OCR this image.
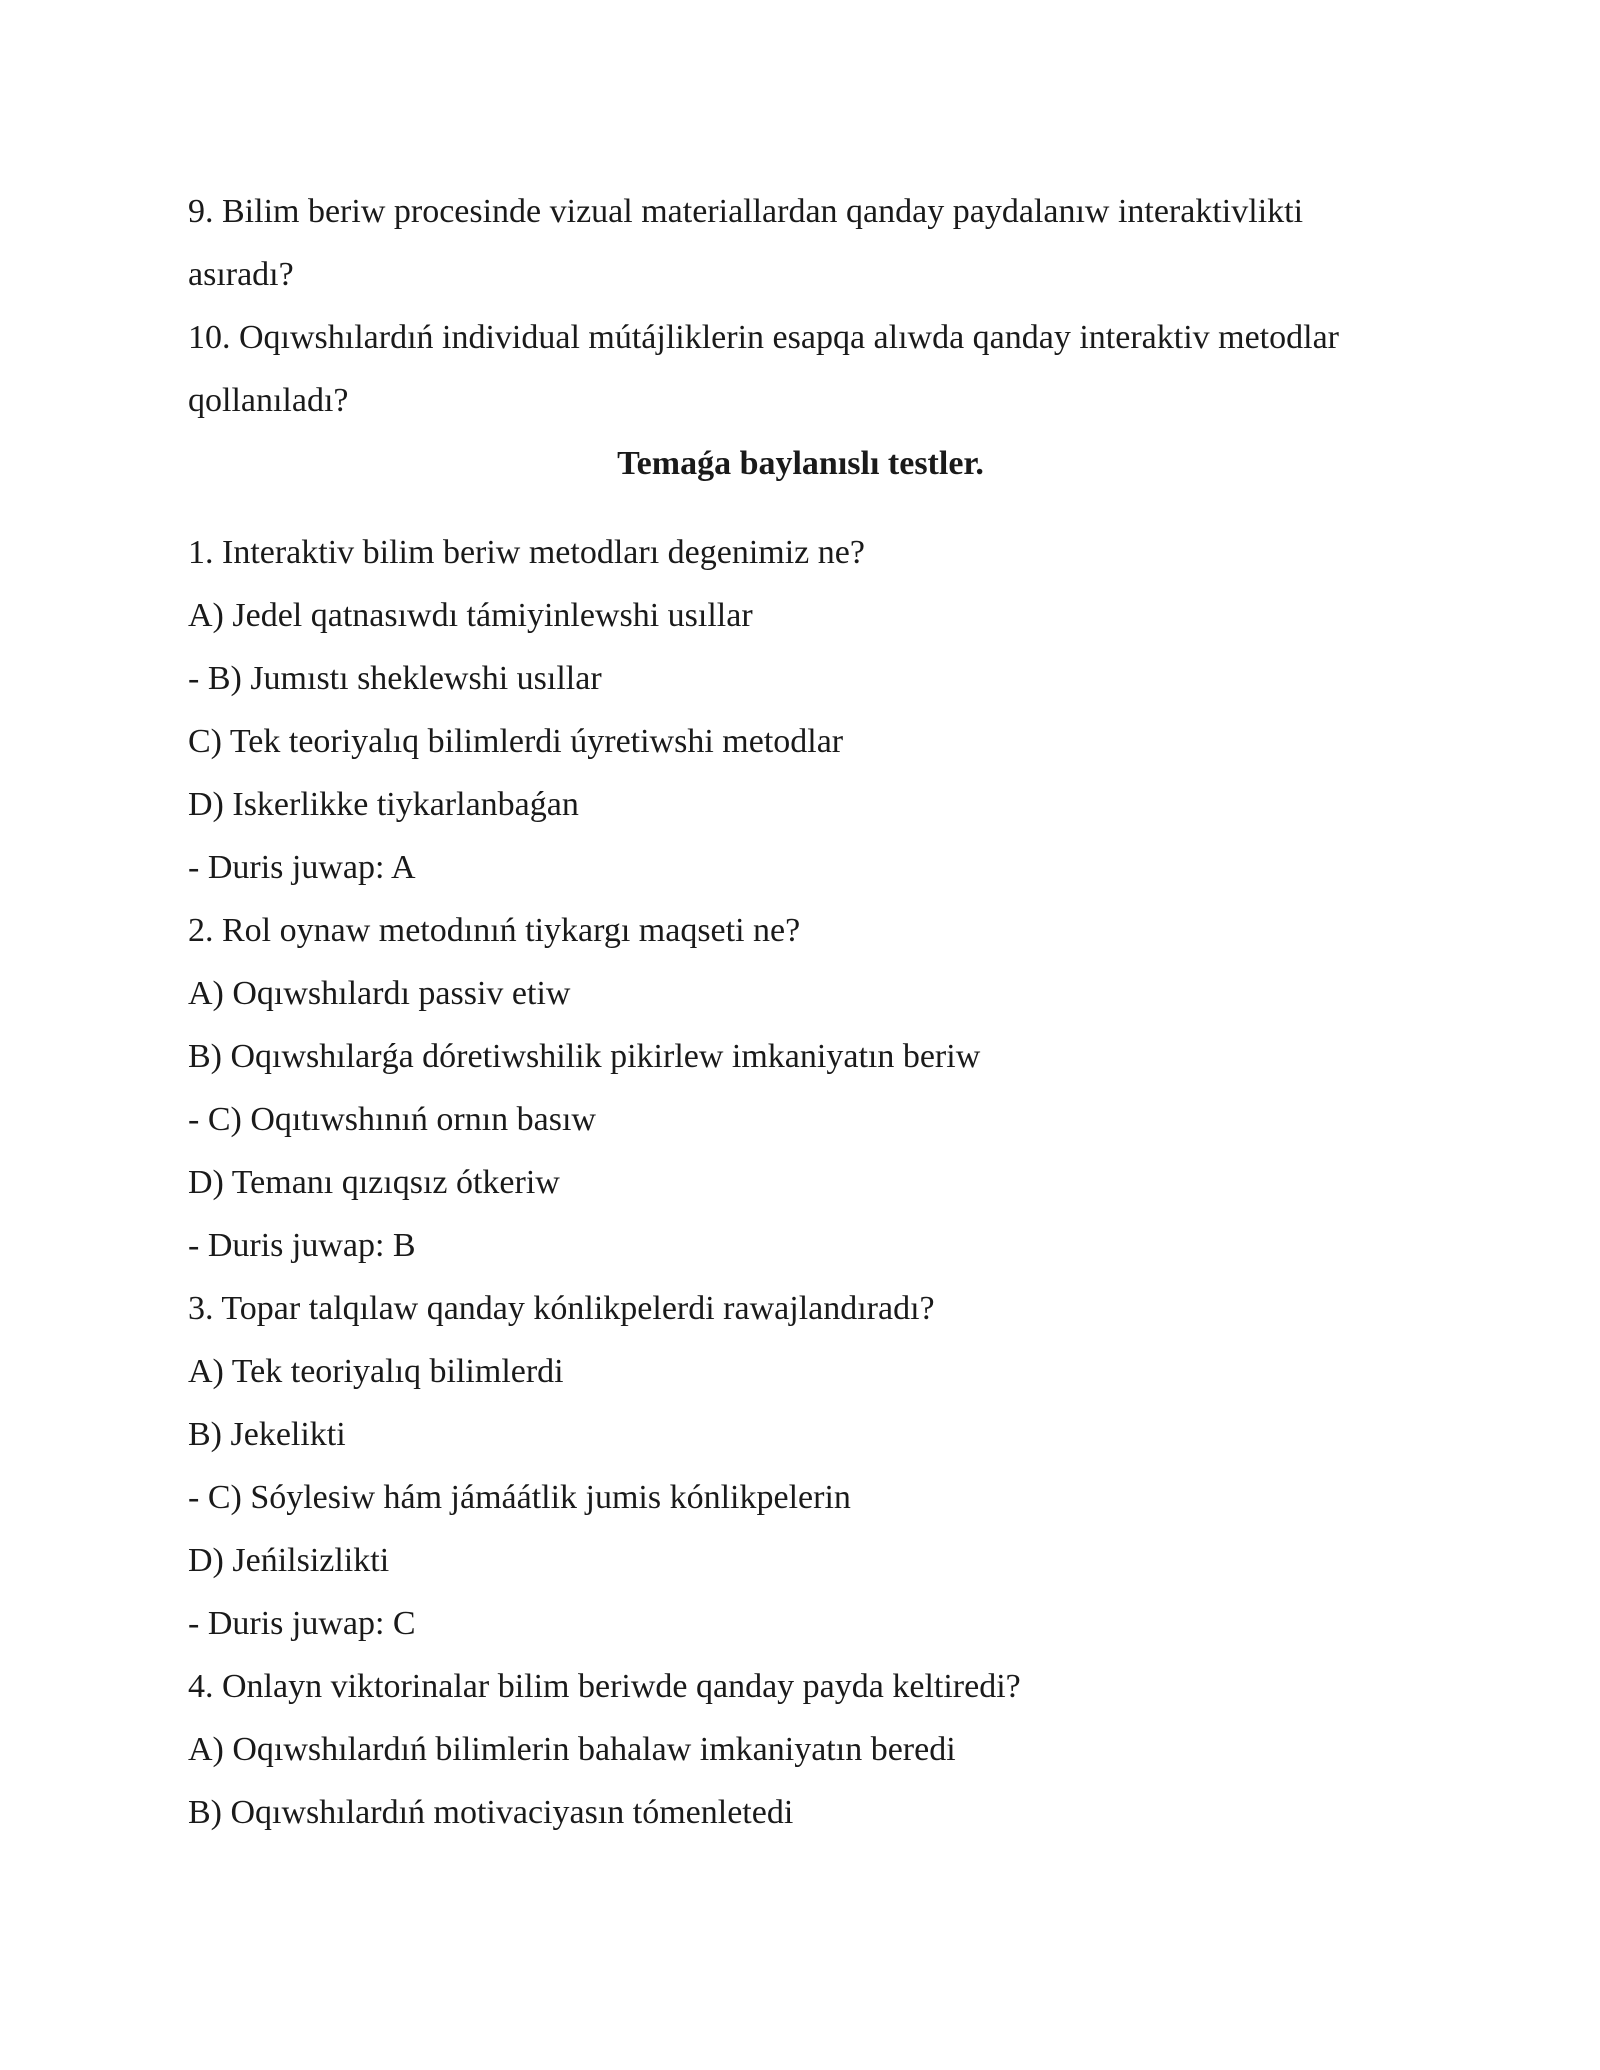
9. Bilim beriw procesinde vizual materiallardan qanday paydalanıw interaktivlikti asıradı?

10. Oqıwshılardıń individual mútájliklerin esapqa alıwda qanday interaktiv metodlar qollanıladı?

Temaǵa baylanıslı testler.

1. Interaktiv bilim beriw metodları degenimiz ne?

A) Jedel qatnasıwdı támiyinlewshi usıllar

- B) Jumıstı sheklewshi usıllar

C) Tek teoriyalıq bilimlerdi úyretiwshi metodlar

D) Iskerlikke tiykarlanbaǵan

- Duris juwap: A

2. Rol oynaw metodınıń tiykargı maqseti ne?

A) Oqıwshılardı passiv etiw

B) Oqıwshılarǵa dóretiwshilik pikirlew imkaniyatın beriw

- C) Oqıtıwshınıń ornın basıw

D) Temanı qızıqsız ótkeriw

- Duris juwap: B

3. Topar talqılaw qanday kónlikpelerdi rawajlandıradı?

A) Tek teoriyalıq bilimlerdi

B) Jekelikti

- C) Sóylesiw hám jámáátlik jumis kónlikpelerin

D) Jeńilsizlikti

- Duris juwap: C

4. Onlayn viktorinalar bilim beriwde qanday payda keltiredi?

A) Oqıwshılardıń bilimlerin bahalaw imkaniyatın beredi

B) Oqıwshılardıń motivaciyasın tómenletedi
